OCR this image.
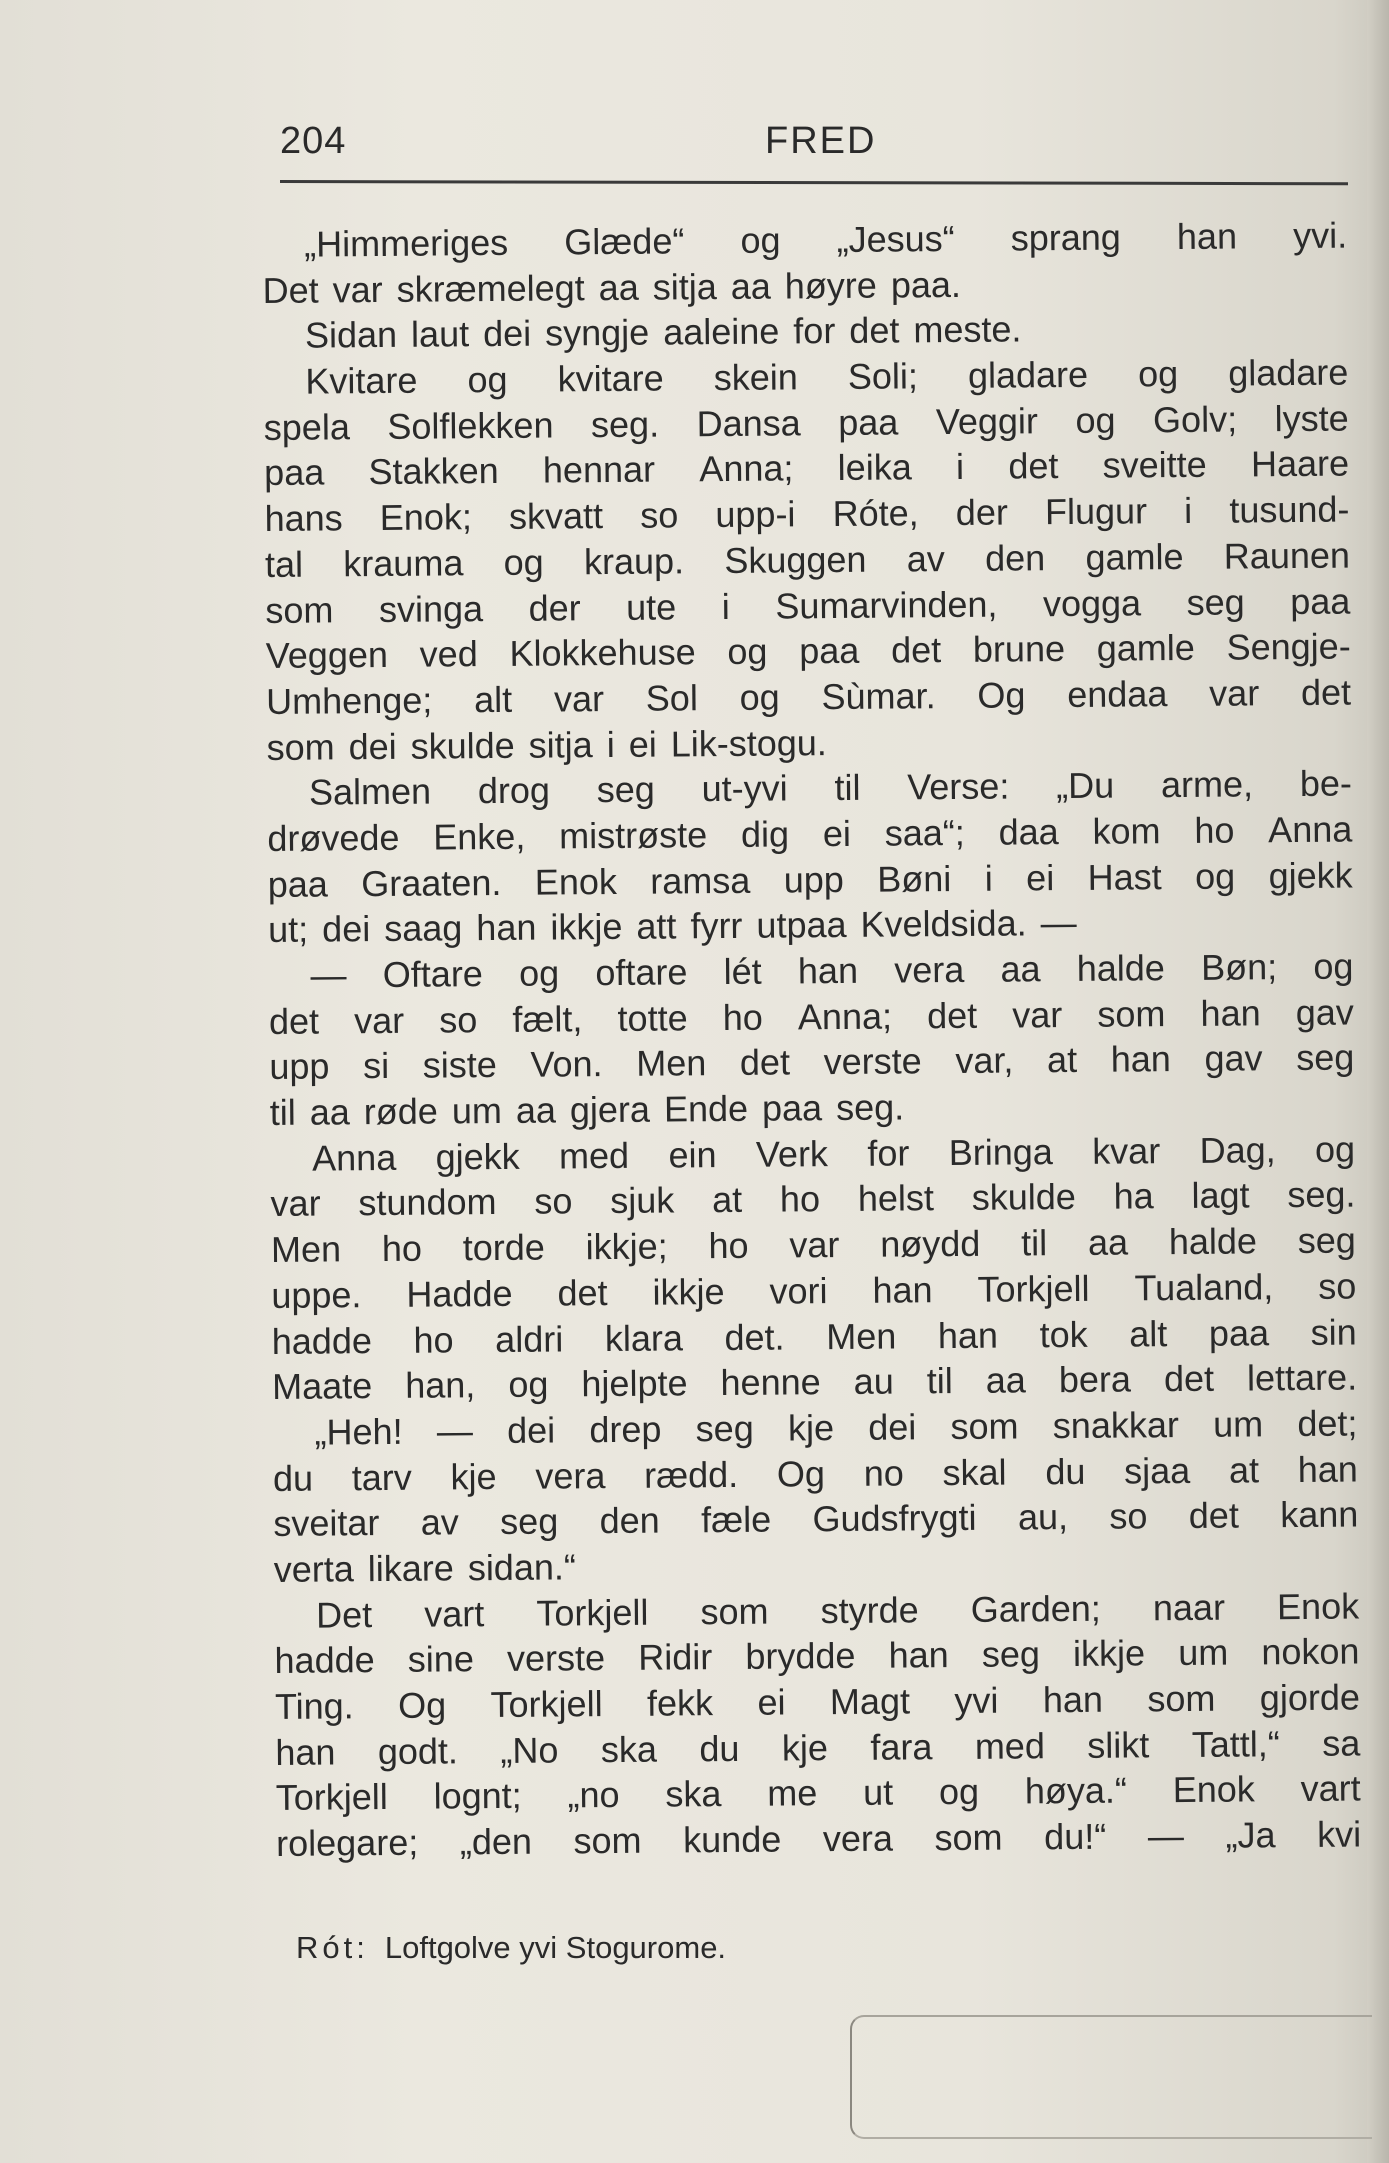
204	FRED
„Himmeriges Glæde“ og „Jesus“ sprang han yvi.
Det var skræmelegt aa sitja aa høyre paa.
Sidan laut dei syngje aaleine for det meste.
Kvitare og kvitare skein Soli; gladare og gladare
spela Solflekken seg. Dansa paa Veggir og Golv; lyste
paa Stakken hennar Anna; leika i det sveitte Haare
hans Enok; skvatt so upp-i Róte, der Flugur i tusund-
tal krauma og kraup. Skuggen av den gamle Raunen
som svinga der ute i Sumarvinden, vogga seg paa
Veggen ved Klokkehuse og paa det brune gamle Sengje-
Umhenge; alt var Sol og Sùmar. Og endaa var det
som dei skulde sitja i ei Lik-stogu.
Salmen drog seg ut-yvi til Verse: „Du arme, be-
drøvede Enke, mistrøste dig ei saa“; daa kom ho Anna
paa Graaten. Enok ramsa upp Bøni i ei Hast og gjekk
ut; dei saag han ikkje att fyrr utpaa Kveldsida. —
— Oftare og oftare lét han vera aa halde Bøn; og
det var so fælt, totte ho Anna; det var som han gav
upp si siste Von. Men det verste var, at han gav seg
til aa røde um aa gjera Ende paa seg.
Anna gjekk med ein Verk for Bringa kvar Dag, og
var stundom so sjuk at ho helst skulde ha lagt seg.
Men ho torde ikkje; ho var nøydd til aa halde seg
uppe. Hadde det ikkje vori han Torkjell Tualand, so
hadde ho aldri klara det. Men han tok alt paa sin
Maate han, og hjelpte henne au til aa bera det lettare.
„Heh! — dei drep seg kje dei som snakkar um det;
du tarv kje vera rædd. Og no skal du sjaa at han
sveitar av seg den fæle Gudsfrygti au, so det kann
verta likare sidan.“
Det vart Torkjell som styrde Garden; naar Enok
hadde sine verste Ridir brydde han seg ikkje um nokon
Ting. Og Torkjell fekk ei Magt yvi han som gjorde
han godt. „No ska du kje fara med slikt Tattl,“ sa
Torkjell lognt; „no ska me ut og høya.“ Enok vart
rolegare; „den som kunde vera som du!“ — „Ja kvi
Rót: Loftgolve yvi Stogurome.
